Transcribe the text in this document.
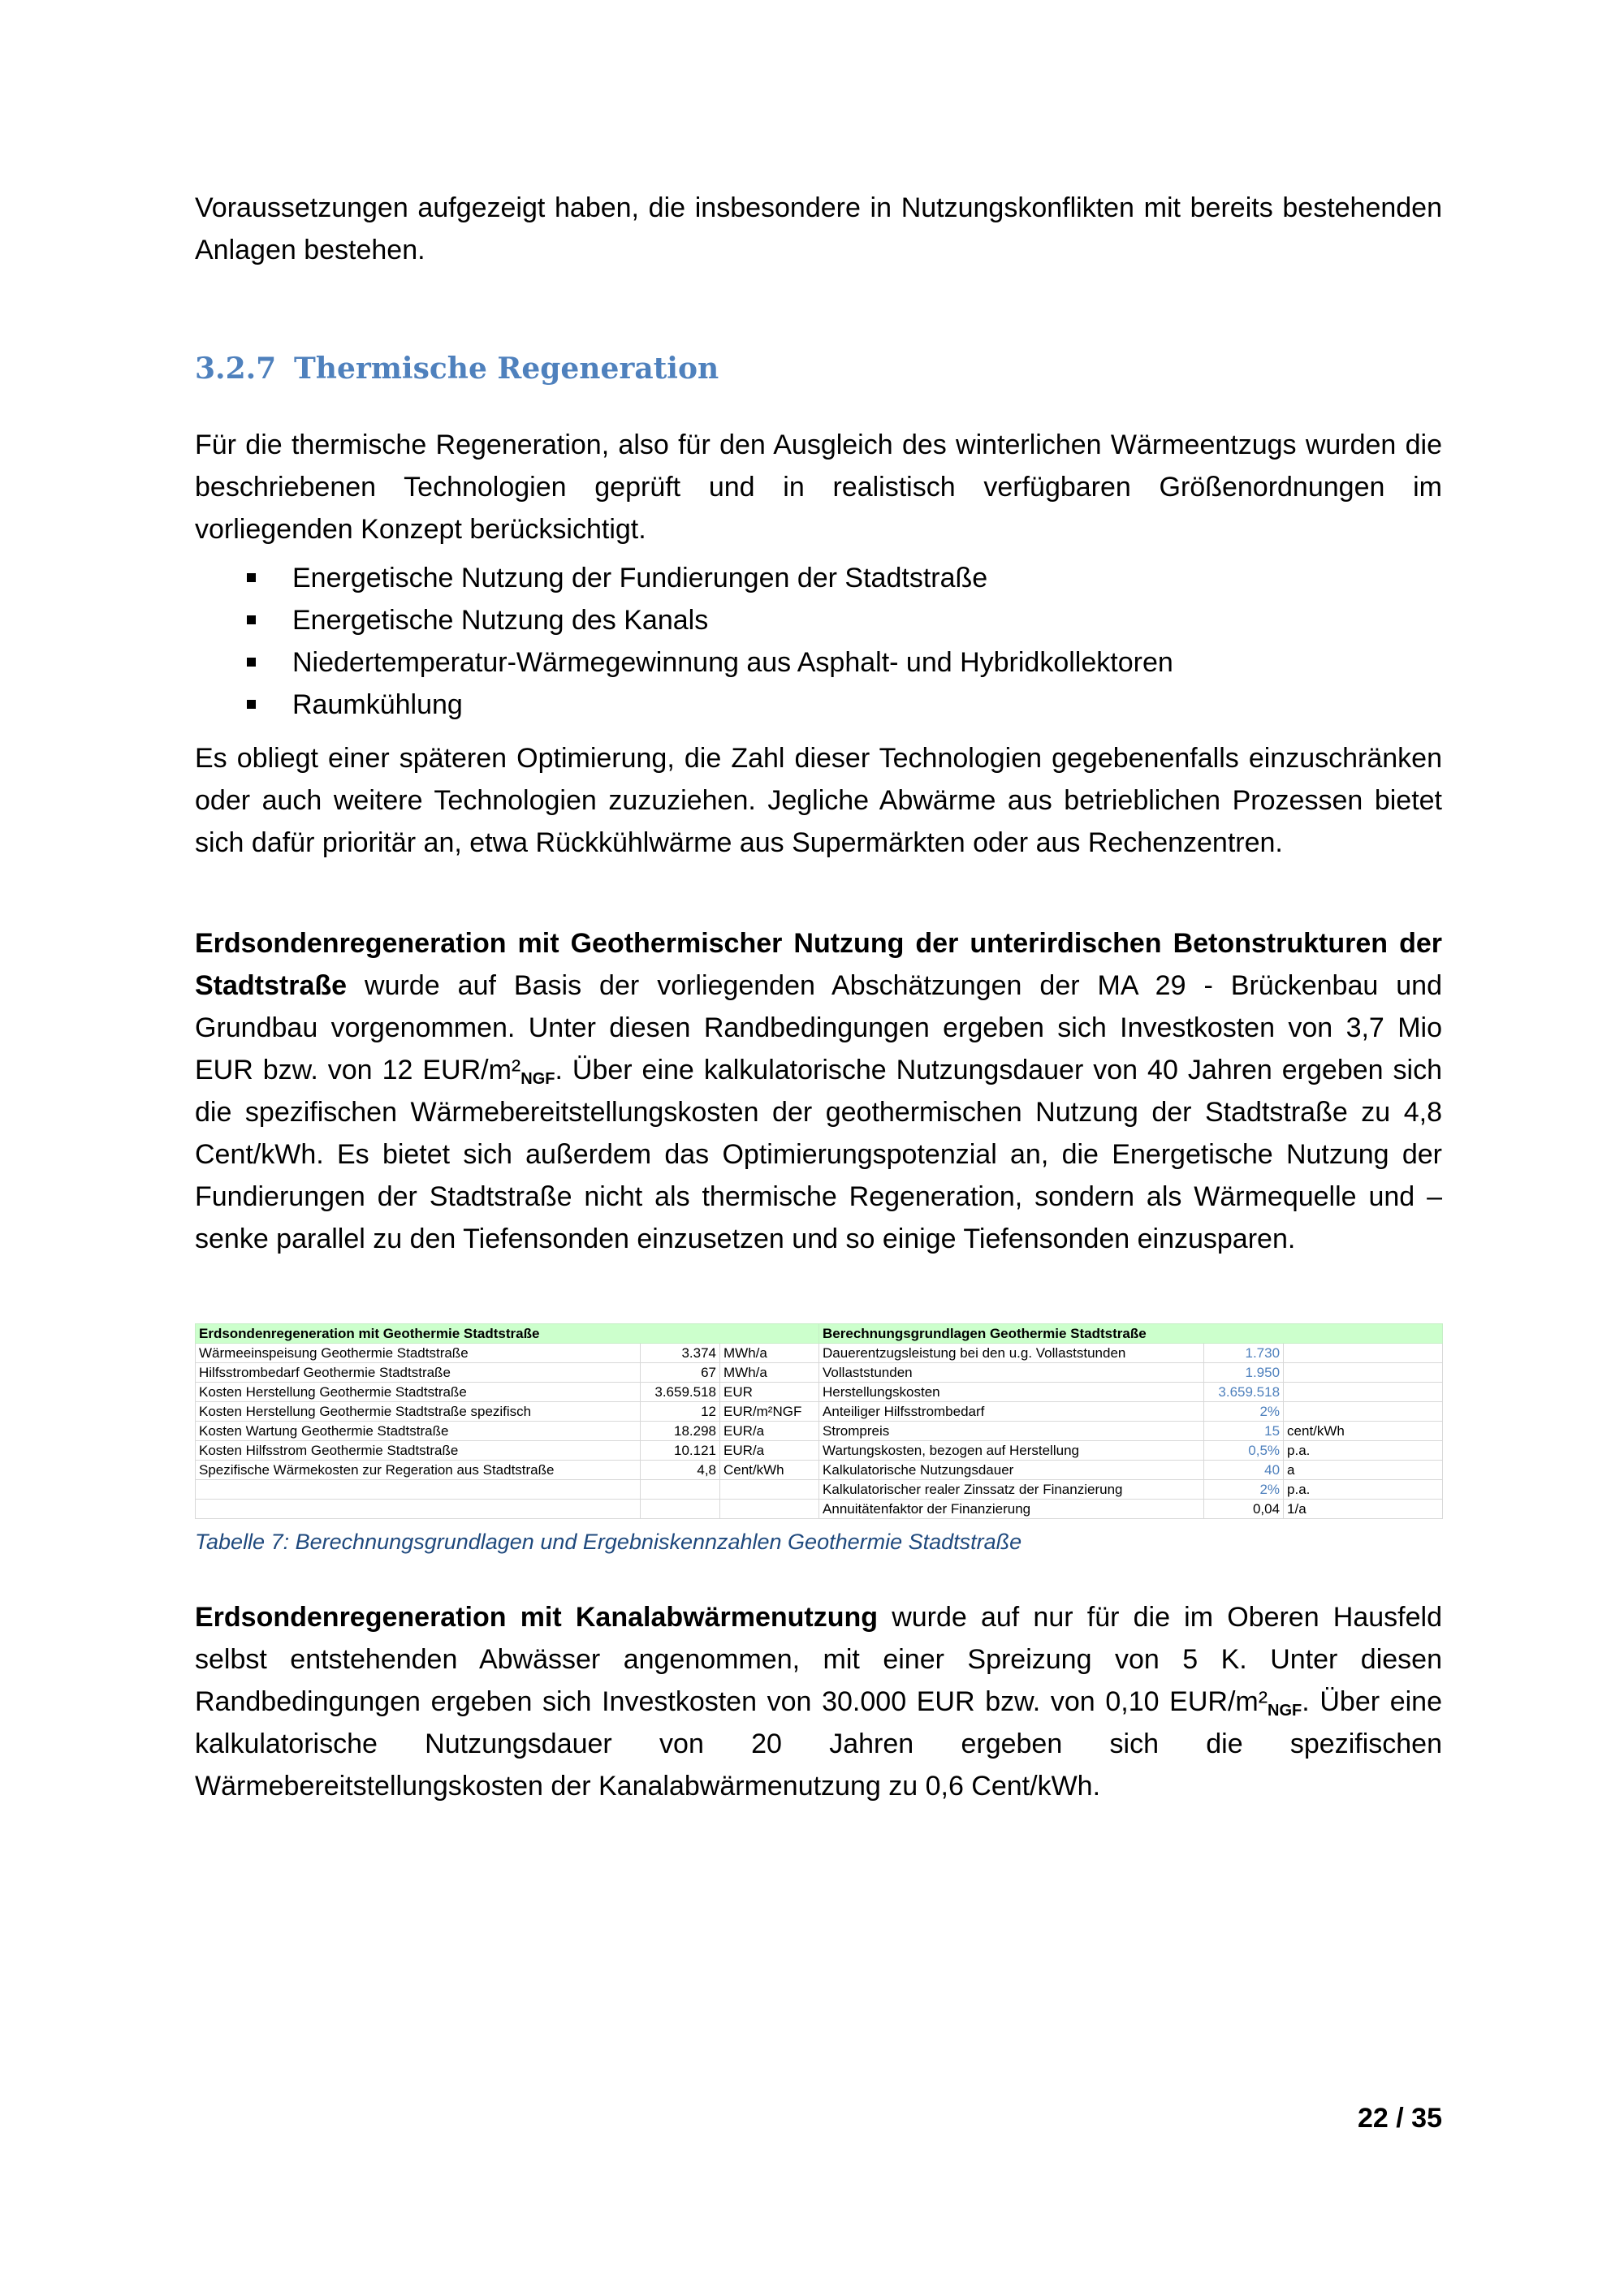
Voraussetzungen aufgezeigt haben, die insbesondere in Nutzungskonflikten mit bereits bestehenden Anlagen bestehen.

3.2.7 Thermische Regeneration

Für die thermische Regeneration, also für den Ausgleich des winterlichen Wärmeentzugs wurden die beschriebenen Technologien geprüft und in realistisch verfügbaren Größenordnungen im vorliegenden Konzept berücksichtigt.

Energetische Nutzung der Fundierungen der Stadtstraße
Energetische Nutzung des Kanals
Niedertemperatur-Wärmegewinnung aus Asphalt- und Hybridkollektoren
Raumkühlung

Es obliegt einer späteren Optimierung, die Zahl dieser Technologien gegebenenfalls einzuschränken oder auch weitere Technologien zuzuziehen. Jegliche Abwärme aus betrieblichen Prozessen bietet sich dafür prioritär an, etwa Rückkühlwärme aus Supermärkten oder aus Rechenzentren.

Erdsondenregeneration mit Geothermischer Nutzung der unterirdischen Betonstrukturen der Stadtstraße wurde auf Basis der vorliegenden Abschätzungen der MA 29 - Brückenbau und Grundbau vorgenommen. Unter diesen Randbedingungen ergeben sich Investkosten von 3,7 Mio EUR bzw. von 12 EUR/$m^2_{NGF}$. Über eine kalkulatorische Nutzungsdauer von 40 Jahren ergeben sich die spezifischen Wärmebereitstellungskosten der geothermischen Nutzung der Stadtstraße zu 4,8 Cent/kWh. Es bietet sich außerdem das Optimierungspotenzial an, die Energetische Nutzung der Fundierungen der Stadtstraße nicht als thermische Regeneration, sondern als Wärmequelle und –senke parallel zu den Tiefensonden einzusetzen und so einige Tiefensonden einzusparen.

Erdsondenregeneration mit Geothermie Stadtstraße			Berechnungsgrundlagen Geothermie Stadtstraße		
Wärmeeinspeisung Geothermie Stadtstraße	3.374	MWh/a	Dauerentzugsleistung bei den u.g. Vollaststunden	1.730	
Hilfsstrombedarf Geothermie Stadtstraße	67	MWh/a	Vollaststunden	1.950	
Kosten Herstellung Geothermie Stadtstraße	3.659.518	EUR	Herstellungskosten	3.659.518	
Kosten Herstellung Geothermie Stadtstraße spezifisch	12	EUR/m²NGF	Anteiliger Hilfsstrombedarf	2%	
Kosten Wartung Geothermie Stadtstraße	18.298	EUR/a	Strompreis	15	cent/kWh
Kosten Hilfsstrom Geothermie Stadtstraße	10.121	EUR/a	Wartungskosten, bezogen auf Herstellung	0,5%	p.a.
Spezifische Wärmekosten zur Regeration aus Stadtstraße	4,8	Cent/kWh	Kalkulatorische Nutzungsdauer	40	a
			Kalkulatorischer realer Zinssatz der Finanzierung	2%	p.a.
			Annuitätenfaktor der Finanzierung	0,04	1/a

Tabelle 7: Berechnungsgrundlagen und Ergebniskennzahlen Geothermie Stadtstraße

Erdsondenregeneration mit Kanalabwärmenutzung wurde auf nur für die im Oberen Hausfeld selbst entstehenden Abwässer angenommen, mit einer Spreizung von 5 K. Unter diesen Randbedingungen ergeben sich Investkosten von 30.000 EUR bzw. von 0,10 EUR/$m^2_{NGF}$. Über eine kalkulatorische Nutzungsdauer von 20 Jahren ergeben sich die spezifischen Wärmebereitstellungskosten der Kanalabwärmenutzung zu 0,6 Cent/kWh.

22 / 35
